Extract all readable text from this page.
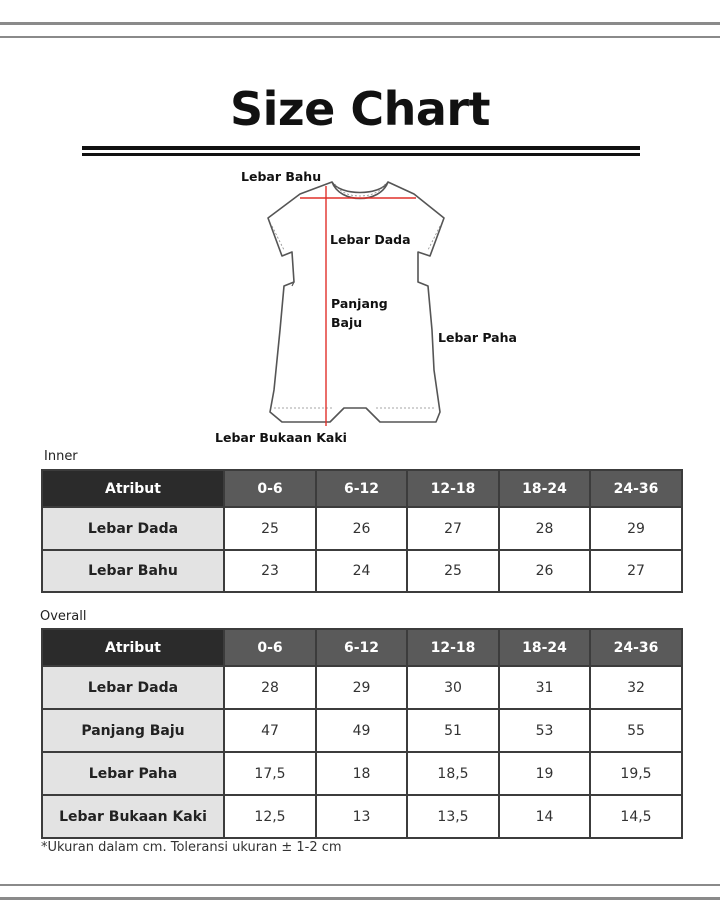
Size Chart
Lebar Bahu
Lebar Dada
Panjang
Baju
Lebar Paha
Lebar Bukaan Kaki
Inner
Atribut	0-6	6-12	12-18	18-24	24-36
Lebar Dada	25	26	27	28	29
Lebar Bahu	23	24	25	26	27
Overall
Atribut	0-6	6-12	12-18	18-24	24-36
Lebar Dada	28	29	30	31	32
Panjang Baju	47	49	51	53	55
Lebar Paha	17,5	18	18,5	19	19,5
Lebar Bukaan Kaki	12,5	13	13,5	14	14,5
*Ukuran dalam cm. Toleransi ukuran ± 1-2 cm
